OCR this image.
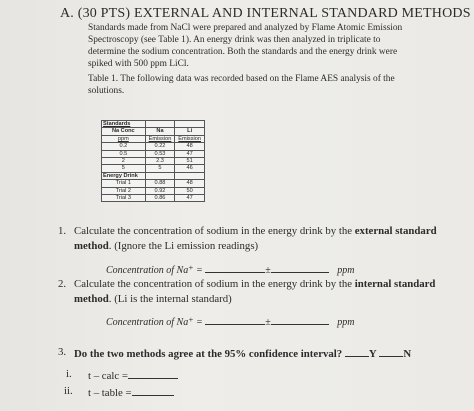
A. (30 PTS) EXTERNAL AND INTERNAL STANDARD METHODS
Standards made from NaCl were prepared and analyzed by Flame Atomic Emission
Spectroscopy (see Table 1). An energy drink was then analyzed in triplicate to
determine the sodium concentration. Both the standards and the energy drink were
spiked with 500 ppm LiCl.
Table 1. The following data was recorded based on the Flame AES analysis of the
solutions.
Standards		
Na Conc	Na	Li
ppm	Emission	Emission
0.2	0.22	48
0.5	0.53	47
2	2.3	51
5	5	46
Energy Drink		
Trial 1	0.88	48
Trial 2	0.92	50
Trial 3	0.86	47
1. Calculate the concentration of sodium in the energy drink by the external standard
method. (Ignore the Li emission readings)
Concentration of Na⁺ =	±	ppm
2. Calculate the concentration of sodium in the energy drink by the internal standard
method. (Li is the internal standard)
Concentration of Na⁺ =	±	ppm
3. Do the two methods agree at the 95% confidence interval? Y N
i. t – calc =
ii. t – table =
